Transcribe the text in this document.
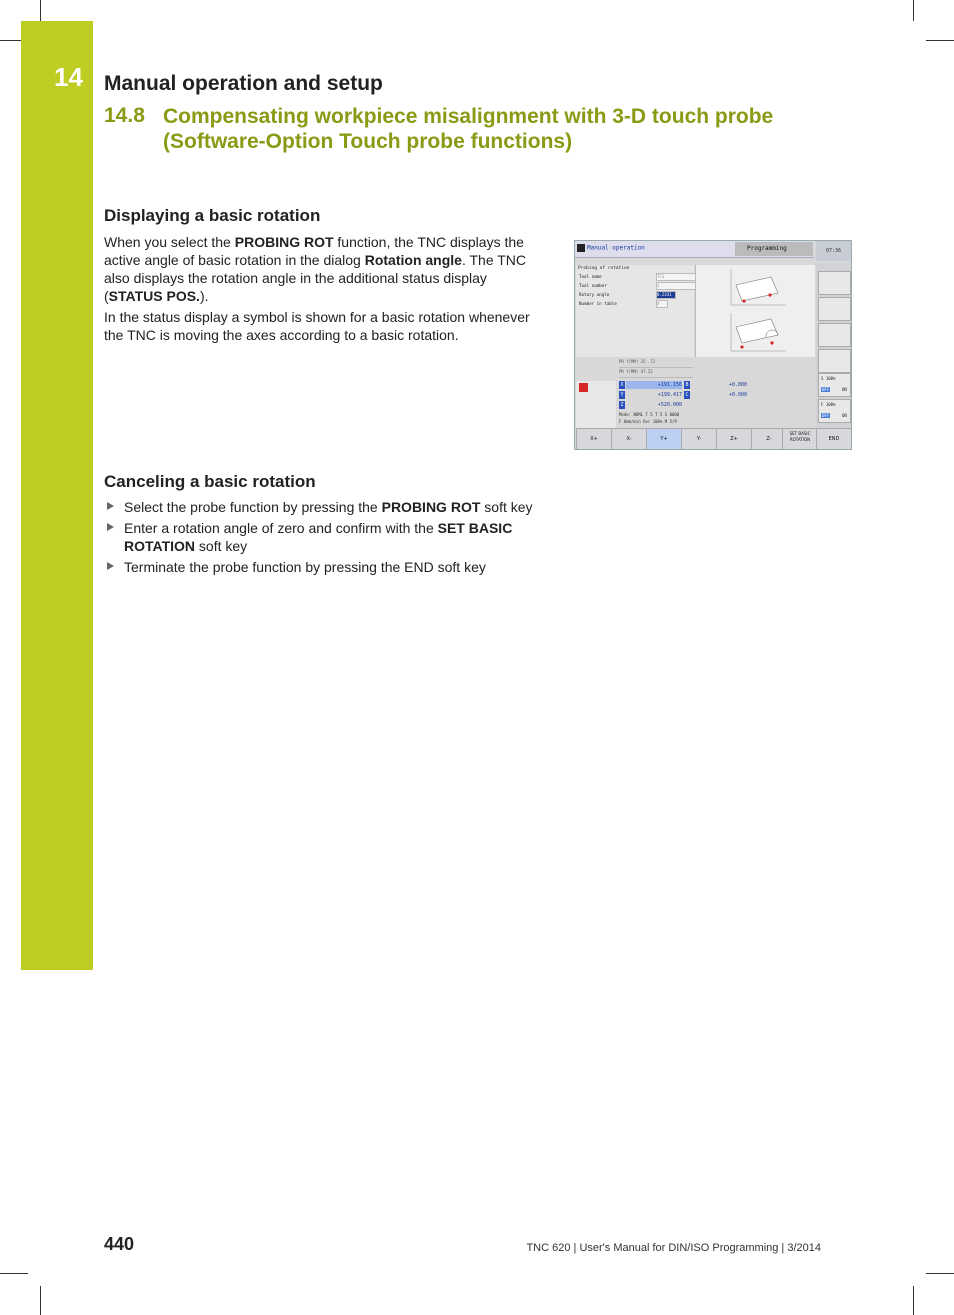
14 Manual operation and setup
14.8 Compensating workpiece misalignment with 3-D touch probe (Software-Option Touch probe functions)
Displaying a basic rotation
When you select the PROBING ROT function, the TNC displays the active angle of basic rotation in the dialog Rotation angle. The TNC also displays the rotation angle in the additional status display (STATUS POS.).
In the status display a symbol is shown for a basic rotation whenever the TNC is moving the axes according to a basic rotation.
Canceling a basic rotation
Select the probe function by pressing the PROBING ROT soft key
Enter a rotation angle of zero and confirm with the SET BASIC ROTATION soft key
Terminate the probe function by pressing the END soft key
Manual operation	Programming	07:36
Probing of rotation
Tool name	TCS
Tool number	1
Rotary angle	0.2331
Number in table	0
S 100%
OFF	ON
F 100%
OFF	ON
PR Y(MM) 35 .72
PR Y(MM) 47.22
X	+191.156 B	+0.000
Y	+199.417 C	+0.000
Z	+520.000
Mode: NOML T 5 T 5 S 0000
F 0mm/min Ovr 100% M 5/9
X+	X-	Y+	Y-	Z+	Z-
SET BASIC ROTATION	END
440	TNC 620 | User's Manual for DIN/ISO Programming | 3/2014
